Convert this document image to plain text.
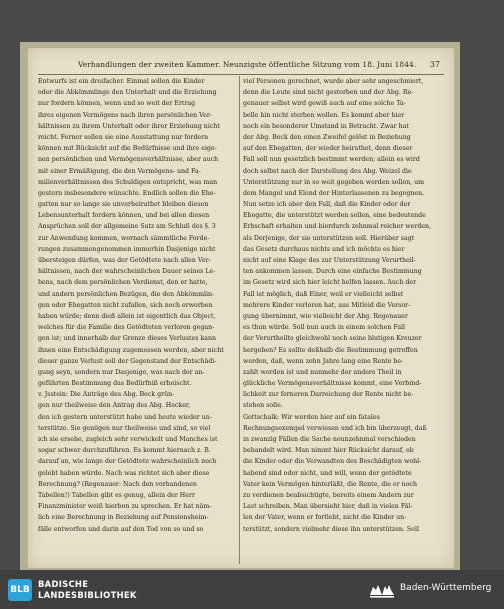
Verhandlungen der zweiten Kammer. Neunzigste öffentliche Sitzung vom 18. Juni 1844. 37
Entwurfs ist ein dreifacher. Einmal sollen die Kinder
oder die Abkömmlinge den Unterhalt und die Erziehung
nur fordern können, wenn und so weit der Ertrag
ihres eigenen Vermögens nach ihren persönlichen Ver-
hältnissen zu ihrem Unterhalt oder ihrer Erziehung nicht
reicht. Ferner sollen sie eine Ausstattung nur fordern
können mit Rücksicht auf die Bedürfnisse und ihre eige-
nen persönlichen und Vermögensverhältnisse, aber auch
mit einer Ermäßigung, die den Vermögens- und Fa-
milienverhältnissen des Schuldigen entspricht, was man
gestern insbesondere wünschte. Endlich sollen die Ehe-
gatten nur so lange sie unverheirathet bleiben diesen
Lebensunterhalt fordern können, und bei allen diesen
Ansprüchen soll der allgemeine Satz am Schluß des §. 3
zur Anwendung kommen, wornach sämmtliche Forde-
rungen zusammengenommen immerhin Dasjenige nicht
übersteigen dürfen, was der Getödtete nach allen Ver-
hältnissen, nach der wahrscheinlichen Dauer seines Le-
bens, nach dem persönlichen Verdienst, den er hatte,
und andern persönlichen Bezügen, die den Abkömmlin-
gen oder Ehegatten nicht zufallen, sich noch erworben
haben würde; denn dieß allein ist eigentlich das Object,
welches für die Familie des Getödteten verloren gegan-
gen ist; und innerhalb der Grenze dieses Verlustes kann
ihnen eine Entschädigung zugemessen werden, aber nicht
dieser ganze Verlust soll der Gegenstand der Entschädi-
gung seyn, sondern nur Dasjenige, was nach der an-
geführten Bestimmung das Bedürfniß erheischt.
v. Jsstein: Die Anträge des Abg. Beck grün-
gen nur theilweise den Antrag des Abg. Hecker,
den ich gestern unterstützt habe und heute wieder un-
terstütze. Sie genügen nur theilweise und sind, so viel
ich sie ersehe, zugleich sehr verwickelt und Manches ist
sogar schwer durchzuführen. Es kommt hiernach z. B.
darauf an, wie lange der Getödtete wahrscheinlich noch
gelebt haben würde. Nach was richtet sich aber diese
Berechnung? (Regenauer: Nach den vorhandenen
Tabellen!) Tabellen gibt es genug, allein der Herr
Finanzminister weiß hierbon zu sprechen. Er hat näm-
lich eine Berechnung in Beziehung auf Pensionsheim-
fälle entworfen und darin auf den Tod von so und so
viel Personen gerechnet, wurde aber sehr angeschmiert,
denn die Leute sind nicht gestorben und der Abg. Re-
genauer selbst wird gewiß auch auf eine solche Ta-
belle hin nicht sterben wollen. Es kommt aber hier
noch ein besonderer Umstand in Betracht. Zwar hat
der Abg. Beck den einen Zweifel gelöst in Beziehung
auf den Ehegatten, der wieder heirathet, denn dieser
Fall soll nun gesetzlich bestimmt werden; allein es wird
doch selbst nach der Darstellung des Abg. Weizel die
Unterstützung nur in so weit gegeben werden sollen, um
dem Mangel und Elend der Hinterlassenen zu begegnen.
Nun setze ich aber den Fall, daß die Kinder oder der
Ehegatte, die unterstützt werden sollen, eine bedeutende
Erbschaft erhalten und hierdurch zehnmal reicher werden,
als Derjenige, der sie unterstützen soll. Hierüber sagt
das Gesetz durchaus nichts und ich möchte es hier
nicht auf eine Klage des zur Unterstützung Verurtheil-
ten ankommen lassen. Durch eine einfache Bestimmung
im Gesetz wird sich hier leicht helfen lassen. Auch der
Fall ist möglich, daß Einer, weil er vielleicht selbst
mehrere Kinder verloren hat, aus Mitleid die Versor-
gung übernimmt, wie vielleicht der Abg. Regenauer
es thun würde. Soll nun auch in einem solchen Fall
der Verurtheilte gleichwohl noch seine blutigen Kreuzer
hergeben? Es sollte deßhalb die Bestimmung getroffen
werden, daß, wenn zehn Jahre lang eine Rente be-
zahlt worden ist und nunmehr der andere Theil in
glückliche Vermögensverhältnisse kommt, eine Verbind-
lichkeit zur ferneren Darreichung der Rente nicht be-
stehen solle.
Gottschalk: Wir werden hier auf ein fatales
Rechnungsexempel verwiesen und ich bin überzeugt, daß
in zwanzig Fällen die Sache neunzehnmal verschieden
behandelt wird. Man nimmt hier Rücksicht darauf, ob
die Kinder oder die Verwandten des Beschädigten wohl-
habend sind oder nicht, und will, wenn der getödtete
Vater kein Vermögen hinterläßt, die Rente, die er noch
zu verdienen beabsichtigte, bereits einem Andern zur
Last schreiben. Man übersieht hier, daß in vielen Fäl-
len der Vater, wenn er fortlebt, nicht die Kinder un-
terstützt, sondern vielmehr diese ihn unterstützen. Soll
BLB
BADISCHE
LANDESBIBLIOTHEK
Baden-Württemberg
